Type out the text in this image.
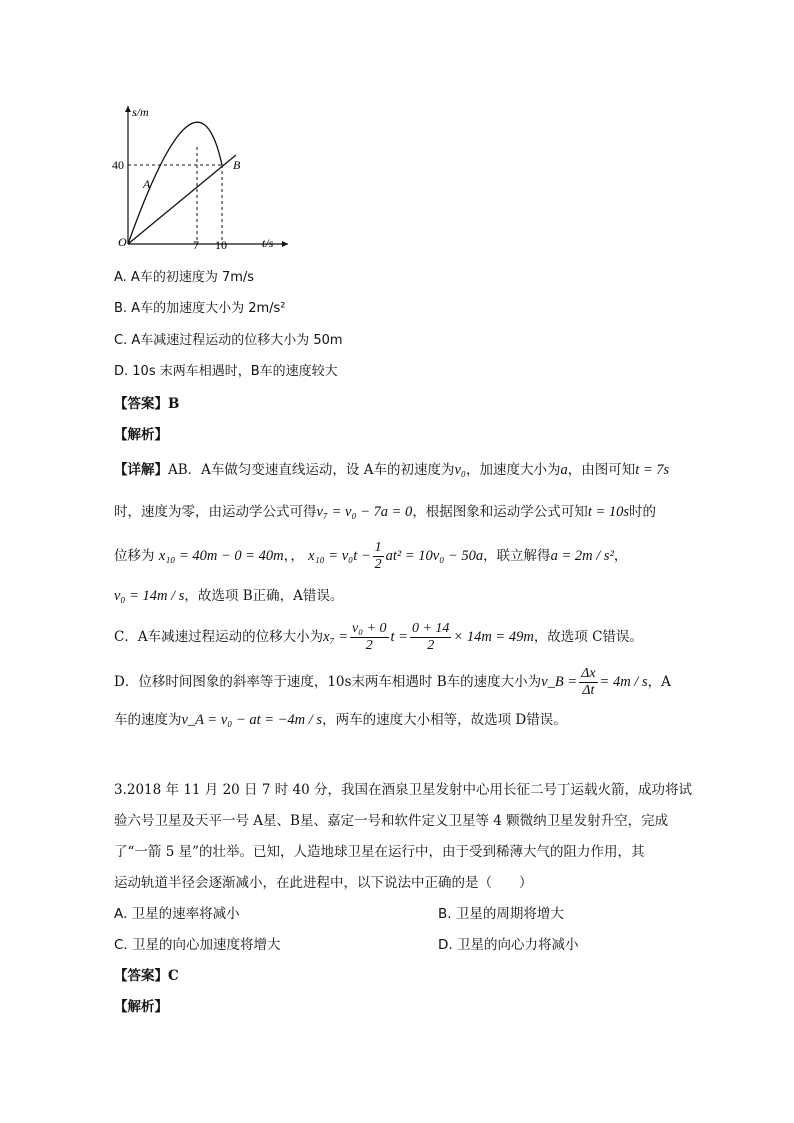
s/m
t/s
O
40
7 10
A
B
A. A车的初速度为 7m/s
B. A车的加速度大小为 2m/s²
C. A车减速过程运动的位移大小为 50m
D. 10s 末两车相遇时，B车的速度较大
【答案】B
【解析】
【详解】AB．A车做匀变速直线运动，设 A车的初速度为v₀，加速度大小为a，由图可知t = 7s
时，速度为零，由运动学公式可得v₇ = v₀ − 7a = 0，根据图象和运动学公式可知t = 10s时的
位移为 x₁₀ = 40m − 0 = 40m，， $x_{10} = v_0t - \frac{1}{2} at^2 = 10v_0 - 50a$，联立解得a = 2m / s²，
v₀ = 14m / s，故选项 B正确，A错误。
C．A车减速过程运动的位移大小为$x_7 = \frac{\text{v₀ + 0}}{2}$ $t = \frac{0 + 14}{2} \times 14m = 49m$，故选项 C错误。
D．位移时间图象的斜率等于速度，10s末两车相遇时 B车的速度大小为v_B = $\frac{\Delta x}{\Delta t} = 4m / s$，A
车的速度为v_A = v₀ − at = −4m / s，两车的速度大小相等，故选项 D错误。
3.2018 年 11 月 20 日 7 时 40 分，我国在酒泉卫星发射中心用长征二号丁运载火箭，成功将试
验六号卫星及天平一号 A星、B星、嘉定一号和软件定义卫星等 4 颗微纳卫星发射升空，完成
了“一箭 5 星”的壮举。已知，人造地球卫星在运行中，由于受到稀薄大气的阻力作用，其
运动轨道半径会逐渐减小，在此进程中，以下说法中正确的是（　　）
A. 卫星的速率将减小	B. 卫星的周期将增大
C. 卫星的向心加速度将增大	D. 卫星的向心力将减小
【答案】C
【解析】
